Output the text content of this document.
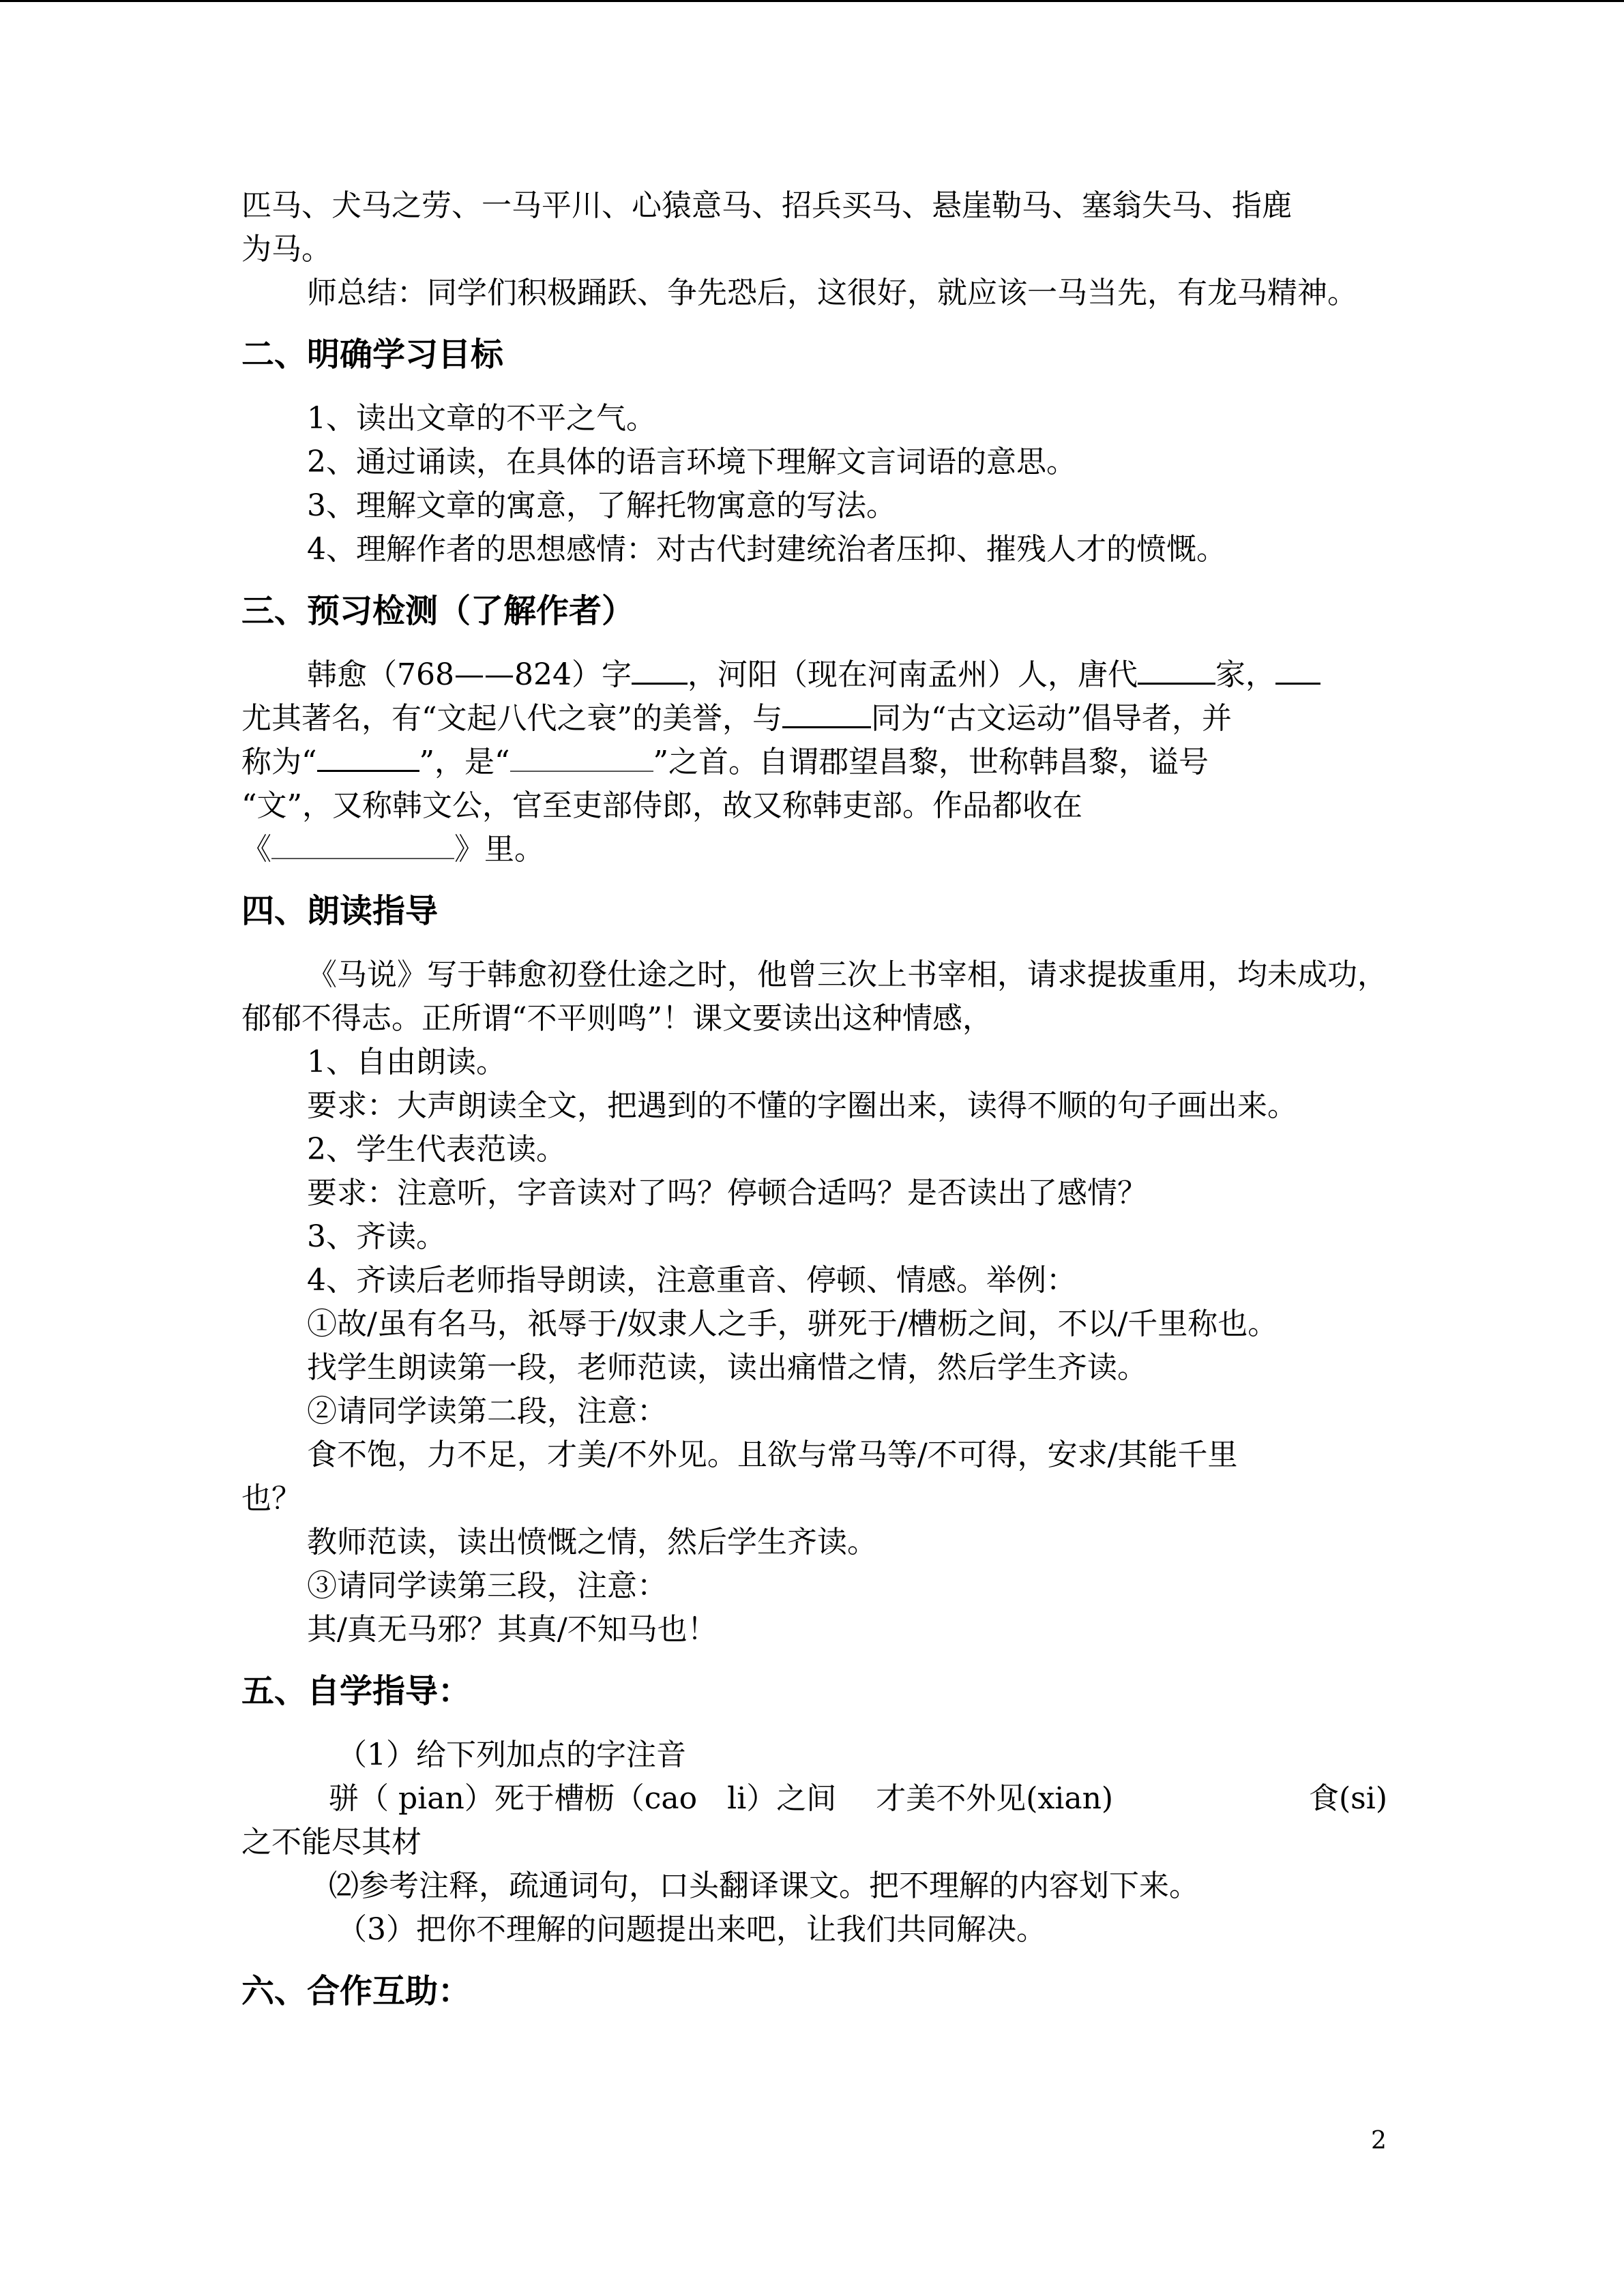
匹马、犬马之劳、一马平川、心猿意马、招兵买马、悬崖勒马、塞翁失马、指鹿

为马。

师总结：同学们积极踊跃、争先恐后，这很好，就应该一马当先，有龙马精神。

二、明确学习目标

1、读出文章的不平之气。

2、通过诵读，在具体的语言环境下理解文言词语的意思。

3、理解文章的寓意，了解托物寓意的写法。

4、理解作者的思想感情：对古代封建统治者压抑、摧残人才的愤慨。

三、预习检测（了解作者）

韩愈（768——824）字 ，河阳（现在河南孟州）人，唐代	家，
尤其著名，有“文起八代之衰”的美誉，与	同为“古文运动”倡导者，并
称为“	”，是“	”之首。自谓郡望昌黎，世称韩昌黎，谥号
“文”，又称韩文公，官至吏部侍郎，故又称韩吏部。作品都收在
《	》里。

四、朗读指导

《马说》写于韩愈初登仕途之时，他曾三次上书宰相，请求提拔重用，均未成功，郁郁不得志。正所谓“不平则鸣”！课文要读出这种情感，

1、自由朗读。

要求：大声朗读全文，把遇到的不懂的字圈出来，读得不顺的句子画出来。

2、学生代表范读。

要求：注意听，字音读对了吗？停顿合适吗？是否读出了感情？

3、齐读。

4、齐读后老师指导朗读，注意重音、停顿、情感。举例：

①故/虽有名马，祇辱于/奴隶人之手，骈死于/槽枥之间，不以/千里称也。

找学生朗读第一段，老师范读，读出痛惜之情，然后学生齐读。

②请同学读第二段，注意：

食不饱，力不足，才美/不外见。且欲与常马等/不可得，安求/其能千里

也？

教师范读，读出愤慨之情，然后学生齐读。

③请同学读第三段，注意：

其/真无马邪？其真/不知马也！

五、自学指导：

（1）给下列加点的字注音

骈（ pian）死于槽枥（cao　li）之间　 才美不外见(xian)	食(si)

之不能尽其材

⑵参考注释，疏通词句，口头翻译课文。把不理解的内容划下来。

（3）把你不理解的问题提出来吧，让我们共同解决。

六、合作互助：
2
